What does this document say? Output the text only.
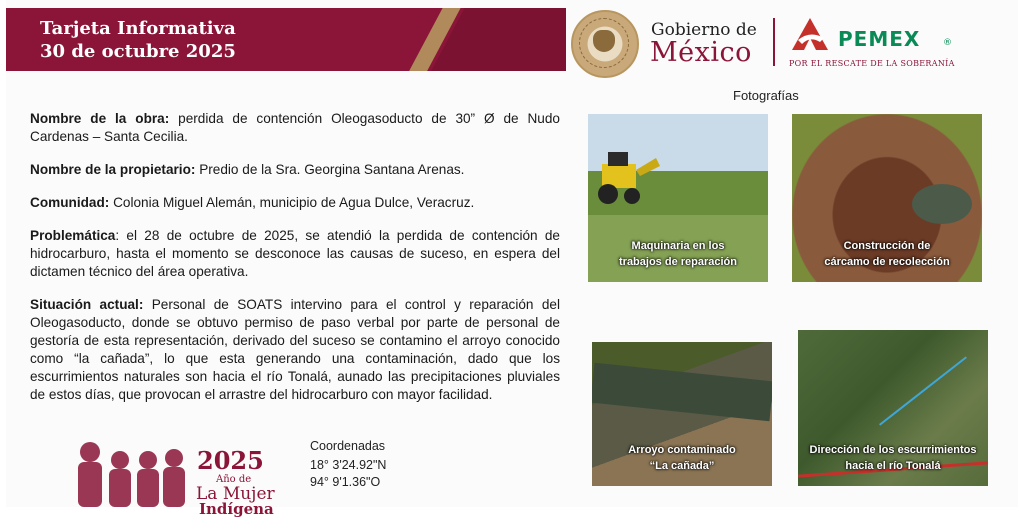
Tarjeta Informativa
30 de octubre 2025
Gobierno de
México	PEMEX	®
POR EL RESCATE DE LA SOBERANÍA

Nombre de la obra: perdida de contención Oleogasoducto de 30” Ø de Nudo Cardenas – Santa Cecilia.

Nombre de la propietario: Predio de la Sra. Georgina Santana Arenas.

Comunidad: Colonia Miguel Alemán, municipio de Agua Dulce, Veracruz.

Problemática: el 28 de octubre de 2025, se atendió la perdida de contención de hidrocarburo, hasta el momento se desconoce las causas de suceso, en espera del dictamen técnico del área operativa.

Situación actual: Personal de SOATS intervino para el control y reparación del Oleogasoducto, donde se obtuvo permiso de paso verbal por parte de personal de gestoría de esta representación, derivado del suceso se contamino el arroyo conocido como “la cañada”, lo que esta generando una contaminación, dado que los escurrimientos naturales son hacia el río Tonalá, aunado las precipitaciones pluviales de estos días, que provocan el arrastre del hidrocarburo con mayor facilidad.

Fotografías
Maquinaria en los
trabajos de reparación
Construcción de
cárcamo de recolección
Arroyo contaminado
“La cañada”
Dirección de los escurrimientos
hacia el río Tonalá
2025
Año de
La Mujer
Indígena
Coordenadas
18° 3'24.92"N
94° 9'1.36"O
